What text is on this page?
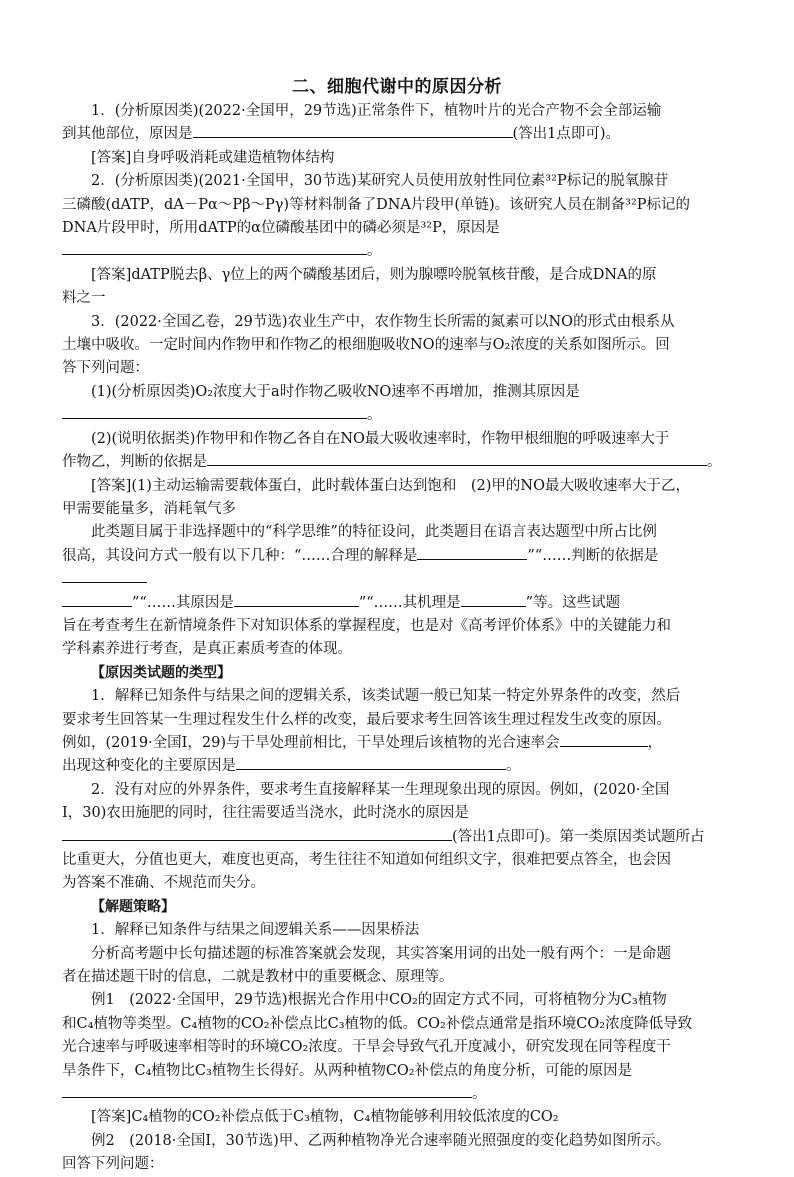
二、细胞代谢中的原因分析

1．(分析原因类)(2022·全国甲，29节选)正常条件下，植物叶片的光合产物不会全部运输

到其他部位，原因是	(答出1点即可)。

[答案]自身呼吸消耗或建造植物体结构

2．(分析原因类)(2021·全国甲，30节选)某研究人员使用放射性同位素³²P标记的脱氧腺苷

三磷酸(dATP，dA－Pα～Pβ～Pγ)等材料制备了DNA片段甲(单链)。该研究人员在制备³²P标记的

DNA片段甲时，所用dATP的α位磷酸基团中的磷必须是³²P，原因是

。

[答案]dATP脱去β、γ位上的两个磷酸基团后，则为腺嘌呤脱氧核苷酸，是合成DNA的原

料之一

3．(2022·全国乙卷，29节选)农业生产中，农作物生长所需的氮素可以NO的形式由根系从

土壤中吸收。一定时间内作物甲和作物乙的根细胞吸收NO的速率与O₂浓度的关系如图所示。回

答下列问题：

(1)(分析原因类)O₂浓度大于a时作物乙吸收NO速率不再增加，推测其原因是

。

(2)(说明依据类)作物甲和作物乙各自在NO最大吸收速率时，作物甲根细胞的呼吸速率大于

作物乙，判断的依据是	。

[答案](1)主动运输需要载体蛋白，此时载体蛋白达到饱和　(2)甲的NO最大吸收速率大于乙，

甲需要能量多，消耗氧气多

此类题目属于非选择题中的“科学思维”的特征设问，此类题目在语言表达题型中所占比例

很高，其设问方式一般有以下几种：“……合理的解释是	”“……判断的依据是

”“……其原因是	”“……其机理是	”等。这些试题

旨在考查考生在新情境条件下对知识体系的掌握程度，也是对《高考评价体系》中的关键能力和

学科素养进行考查，是真正素质考查的体现。

【原因类试题的类型】

1．解释已知条件与结果之间的逻辑关系，该类试题一般已知某一特定外界条件的改变，然后

要求考生回答某一生理过程发生什么样的改变，最后要求考生回答该生理过程发生改变的原因。

例如，(2019·全国Ⅰ，29)与干旱处理前相比，干旱处理后该植物的光合速率会	，

出现这种变化的主要原因是	。

2．没有对应的外界条件，要求考生直接解释某一生理现象出现的原因。例如，(2020·全国

Ⅰ，30)农田施肥的同时，往往需要适当浇水，此时浇水的原因是

(答出1点即可)。第一类原因类试题所占

比重更大，分值也更大，难度也更高，考生往往不知道如何组织文字，很难把要点答全，也会因

为答案不准确、不规范而失分。

【解题策略】

1．解释已知条件与结果之间逻辑关系——因果桥法

分析高考题中长句描述题的标准答案就会发现，其实答案用词的出处一般有两个：一是命题

者在描述题干时的信息，二就是教材中的重要概念、原理等。

例1　(2022·全国甲，29节选)根据光合作用中CO₂的固定方式不同，可将植物分为C₃植物

和C₄植物等类型。C₄植物的CO₂补偿点比C₃植物的低。CO₂补偿点通常是指环境CO₂浓度降低导致

光合速率与呼吸速率相等时的环境CO₂浓度。干旱会导致气孔开度减小，研究发现在同等程度干

旱条件下，C₄植物比C₃植物生长得好。从两种植物CO₂补偿点的角度分析，可能的原因是

。

[答案]C₄植物的CO₂补偿点低于C₃植物，C₄植物能够利用较低浓度的CO₂

例2　(2018·全国Ⅰ，30节选)甲、乙两种植物净光合速率随光照强度的变化趋势如图所示。

回答下列问题：
